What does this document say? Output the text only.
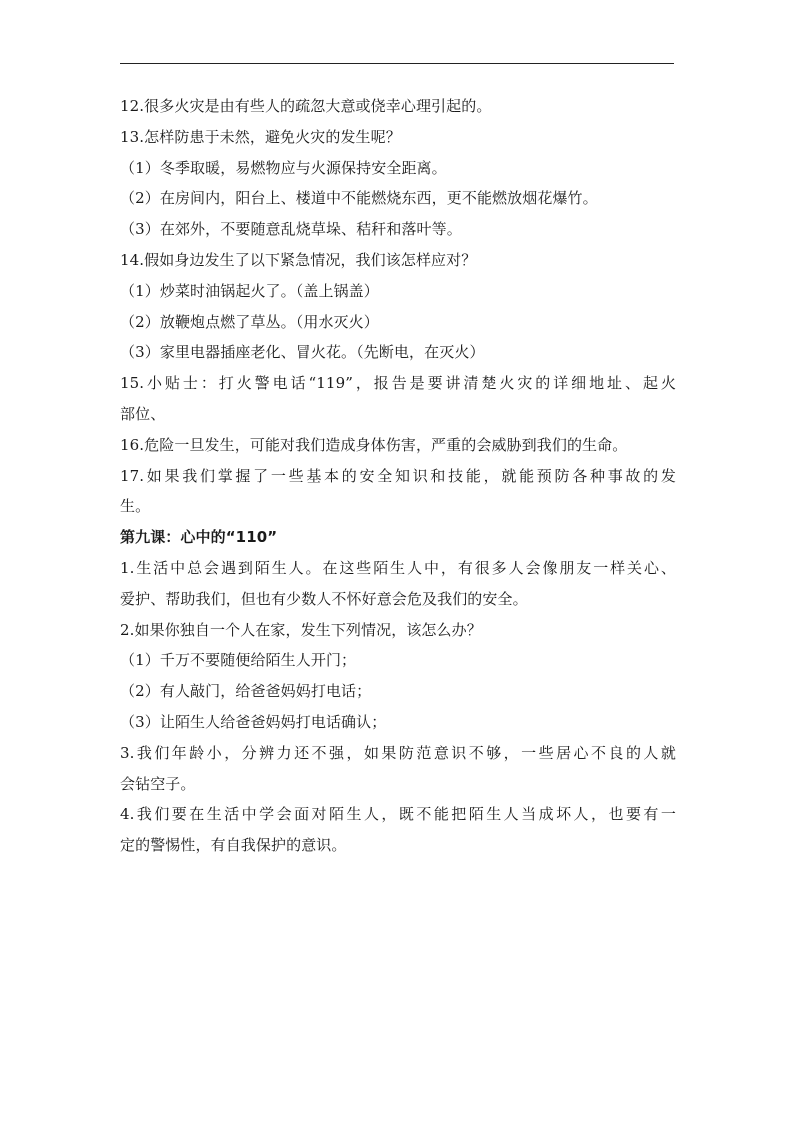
12.很多火灾是由有些人的疏忽大意或侥幸心理引起的。
13.怎样防患于未然，避免火灾的发生呢？
（1）冬季取暖，易燃物应与火源保持安全距离。
（2）在房间内，阳台上、楼道中不能燃烧东西，更不能燃放烟花爆竹。
（3）在郊外，不要随意乱烧草垛、秸秆和落叶等。
14.假如身边发生了以下紧急情况，我们该怎样应对？
（1）炒菜时油锅起火了。（盖上锅盖）
（2）放鞭炮点燃了草丛。（用水灭火）
（3）家里电器插座老化、冒火花。（先断电，在灭火）
15.小贴士：打火警电话“119”，报告是要讲清楚火灾的详细地址、起火
部位、
16.危险一旦发生，可能对我们造成身体伤害，严重的会威胁到我们的生命。
17.如果我们掌握了一些基本的安全知识和技能，就能预防各种事故的发
生。
第九课：心中的“110”
1.生活中总会遇到陌生人。在这些陌生人中，有很多人会像朋友一样关心、
爱护、帮助我们，但也有少数人不怀好意会危及我们的安全。
2.如果你独自一个人在家，发生下列情况，该怎么办？
（1）千万不要随便给陌生人开门；
（2）有人敲门，给爸爸妈妈打电话；
（3）让陌生人给爸爸妈妈打电话确认；
3.我们年龄小，分辨力还不强，如果防范意识不够，一些居心不良的人就
会钻空子。
4.我们要在生活中学会面对陌生人，既不能把陌生人当成坏人，也要有一
定的警惕性，有自我保护的意识。
